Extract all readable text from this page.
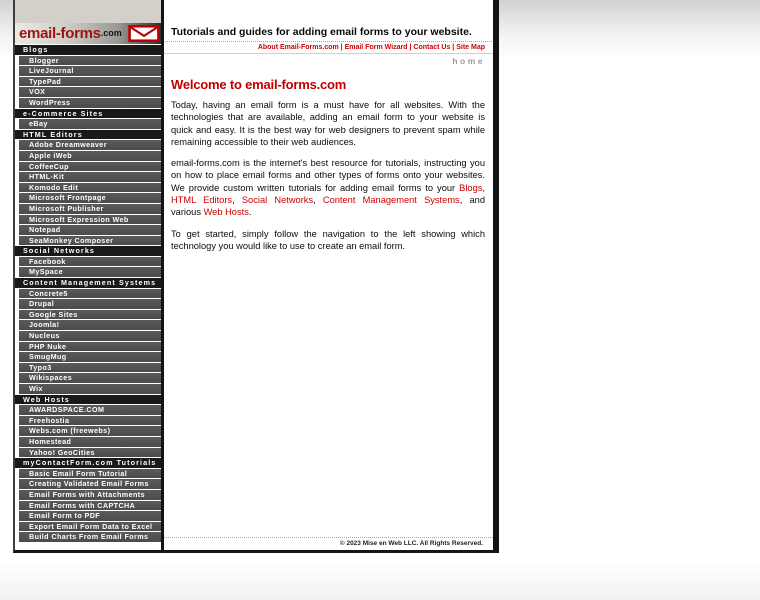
email-forms .com
Blogs
Blogger
LiveJournal
TypePad
VOX
WordPress
e-Commerce Sites
eBay
HTML Editors
Adobe Dreamweaver
Apple iWeb
CoffeeCup
HTML-Kit
Komodo Edit
Microsoft Frontpage
Microsoft Publisher
Microsoft Expression Web
Notepad
SeaMonkey Composer
Social Networks
Facebook
MySpace
Content Management Systems
Concrete5
Drupal
Google Sites
Joomla!
Nucleus
PHP Nuke
SmugMug
Typo3
Wikispaces
Wix
Web Hosts
AWARDSPACE.COM
Freehostia
Webs.com (freewebs)
Homestead
Yahoo! GeoCities
myContactForm.com Tutorials
Basic Email Form Tutorial
Creating Validated Email Forms
Email Forms with Attachments
Email Forms with CAPTCHA
Email Form to PDF
Export Email Form Data to Excel
Build Charts From Email Forms
Tutorials and guides for adding email forms to your website.
About Email-Forms.com | Email Form Wizard | Contact Us | Site Map
home
Welcome to email-forms.com

Today, having an email form is a must have for all websites. With the technologies that are available, adding an email form to your website is quick and easy. It is the best way for web designers to prevent spam while remaining accessible to their web audiences.

email-forms.com is the internet's best resource for tutorials, instructing you on how to place email forms and other types of forms onto your websites. We provide custom written tutorials for adding email forms to your Blogs, HTML Editors, Social Networks, Content Management Systems, and various Web Hosts.

To get started, simply follow the navigation to the left showing which technology you would like to use to create an email form.

© 2023 Mise en Web LLC. All Rights Reserved.
